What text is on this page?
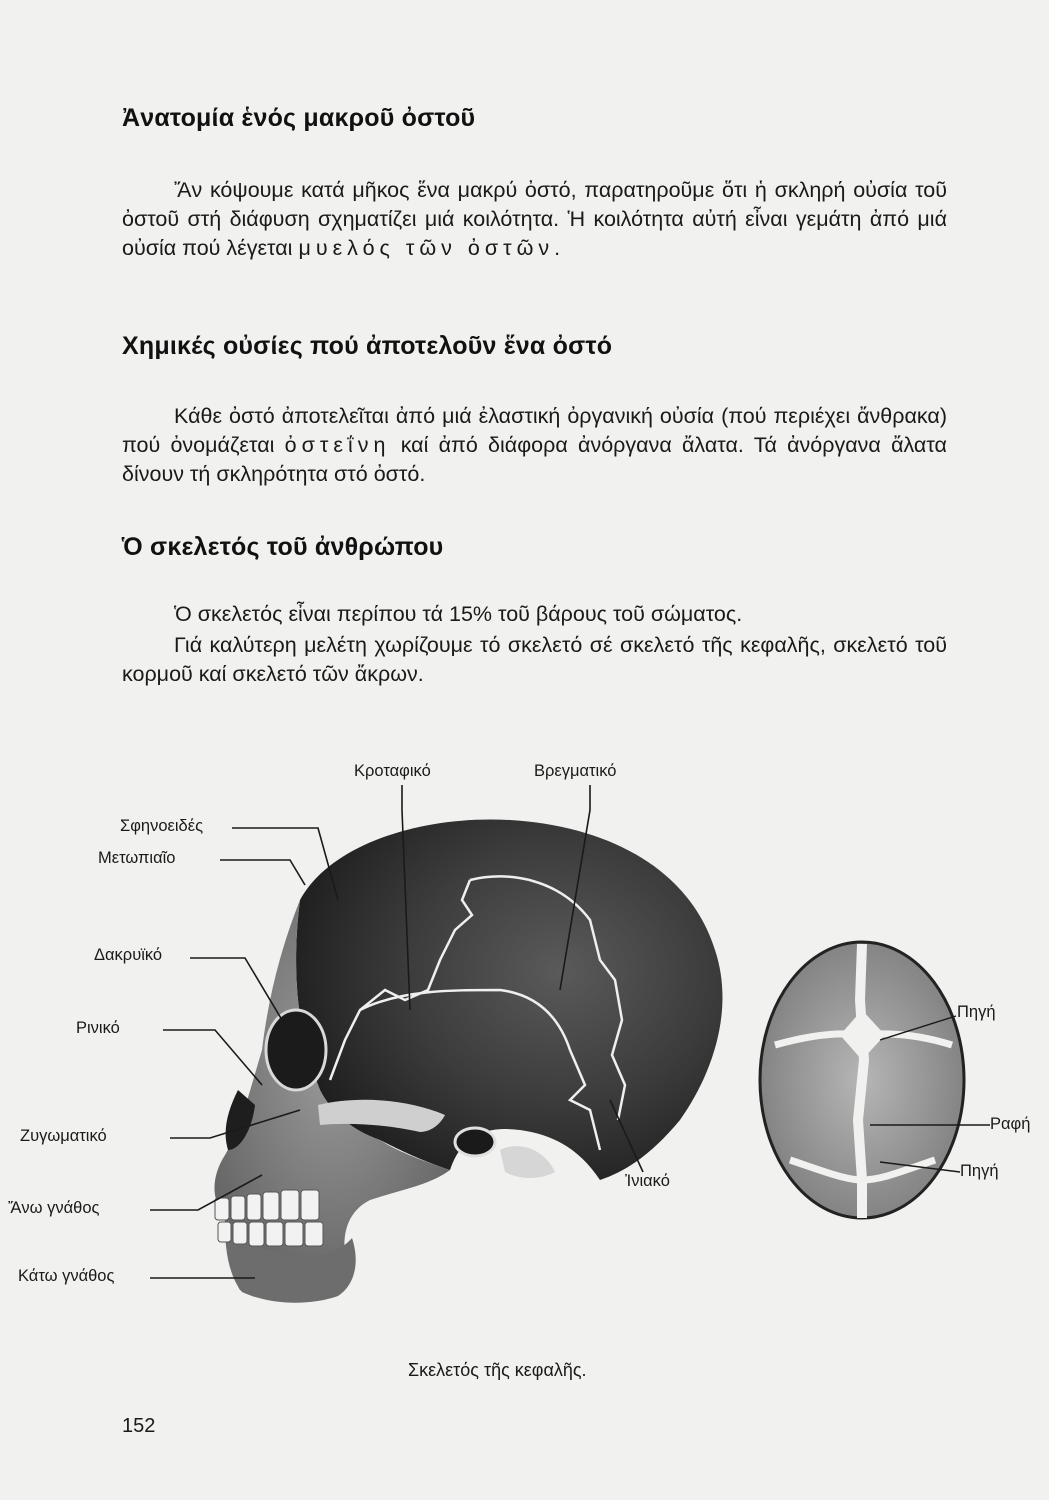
Ἀνατομία ἑνός μακροῦ ὀστοῦ

Ἄν κόψουμε κατά μῆκος ἕνα μακρύ ὀστό, παρατηροῦμε ὅτι ἡ σκληρή οὐσία τοῦ ὀστοῦ στή διάφυση σχηματίζει μιά κοιλότητα. Ἡ κοιλότητα αὐτή εἶναι γεμάτη ἀπό μιά οὐσία πού λέγεται μυελός τῶν ὀστῶν.

Χημικές οὐσίες πού ἀποτελοῦν ἕνα ὀστό

Κάθε ὀστό ἀποτελεῖται ἀπό μιά ἐλαστική ὀργανική οὐσία (πού περιέχει ἄνθρακα) πού ὀνομάζεται ὀστεΐνη καί ἀπό διάφορα ἀνόργανα ἄλατα. Τά ἀνόργανα ἄλατα δίνουν τή σκληρότητα στό ὀστό.

Ὁ σκελετός τοῦ ἀνθρώπου

Ὁ σκελετός εἶναι περίπου τά 15% τοῦ βάρους τοῦ σώματος.

Γιά καλύτερη μελέτη χωρίζουμε τό σκελετό σέ σκελετό τῆς κεφαλῆς, σκελετό τοῦ κορμοῦ καί σκελετό τῶν ἄκρων.

Σφηνοειδές
Μετωπιαῖο
Δακρυϊκό
Ρινικό
Ζυγωματικό
Ἄνω γνάθος
Κάτω γνάθος
Κροταφικό	Βρεγματικό
Ἰνιακό
Πηγή
Ραφή
Πηγή
Σκελετός τῆς κεφαλῆς.
152
